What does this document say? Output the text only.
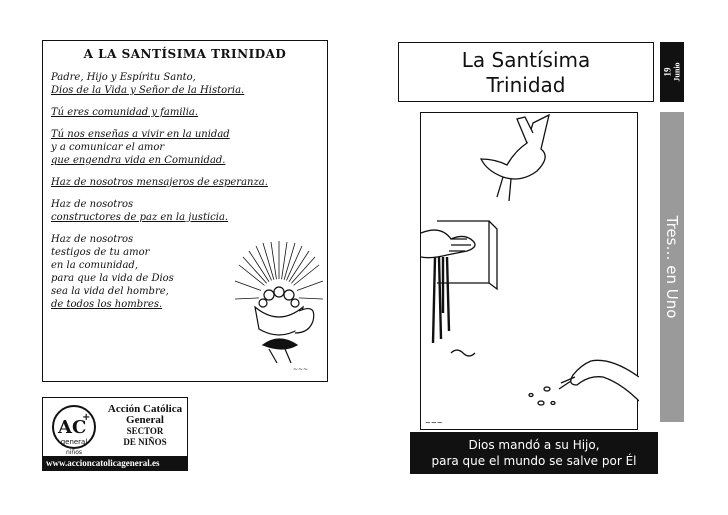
A LA SANTÍSIMA TRINIDAD
Padre, Hijo y Espíritu Santo,
Dios de la Vida y Señor de la Historia.
Tú eres comunidad y familia.
Tú nos enseñas a vivir en la unidad
y a comunicar el amor
que engendra vida en Comunidad.
Haz de nosotros mensajeros de esperanza.
Haz de nosotros
constructores de paz en la justicia.
Haz de nosotros
testigos de tu amor
en la comunidad,
para que la vida de Dios
sea la vida del hombre,
de todos los hombres.
~~~
AC
+
general
niños
Acción Católica
General
SECTOR
DE NIÑOS
www.accioncatolicageneral.es
La Santísima
Trinidad
19 Junio
Tres… en Uno
~~~
Dios mandó a su Hijo,
para que el mundo se salve por Él
